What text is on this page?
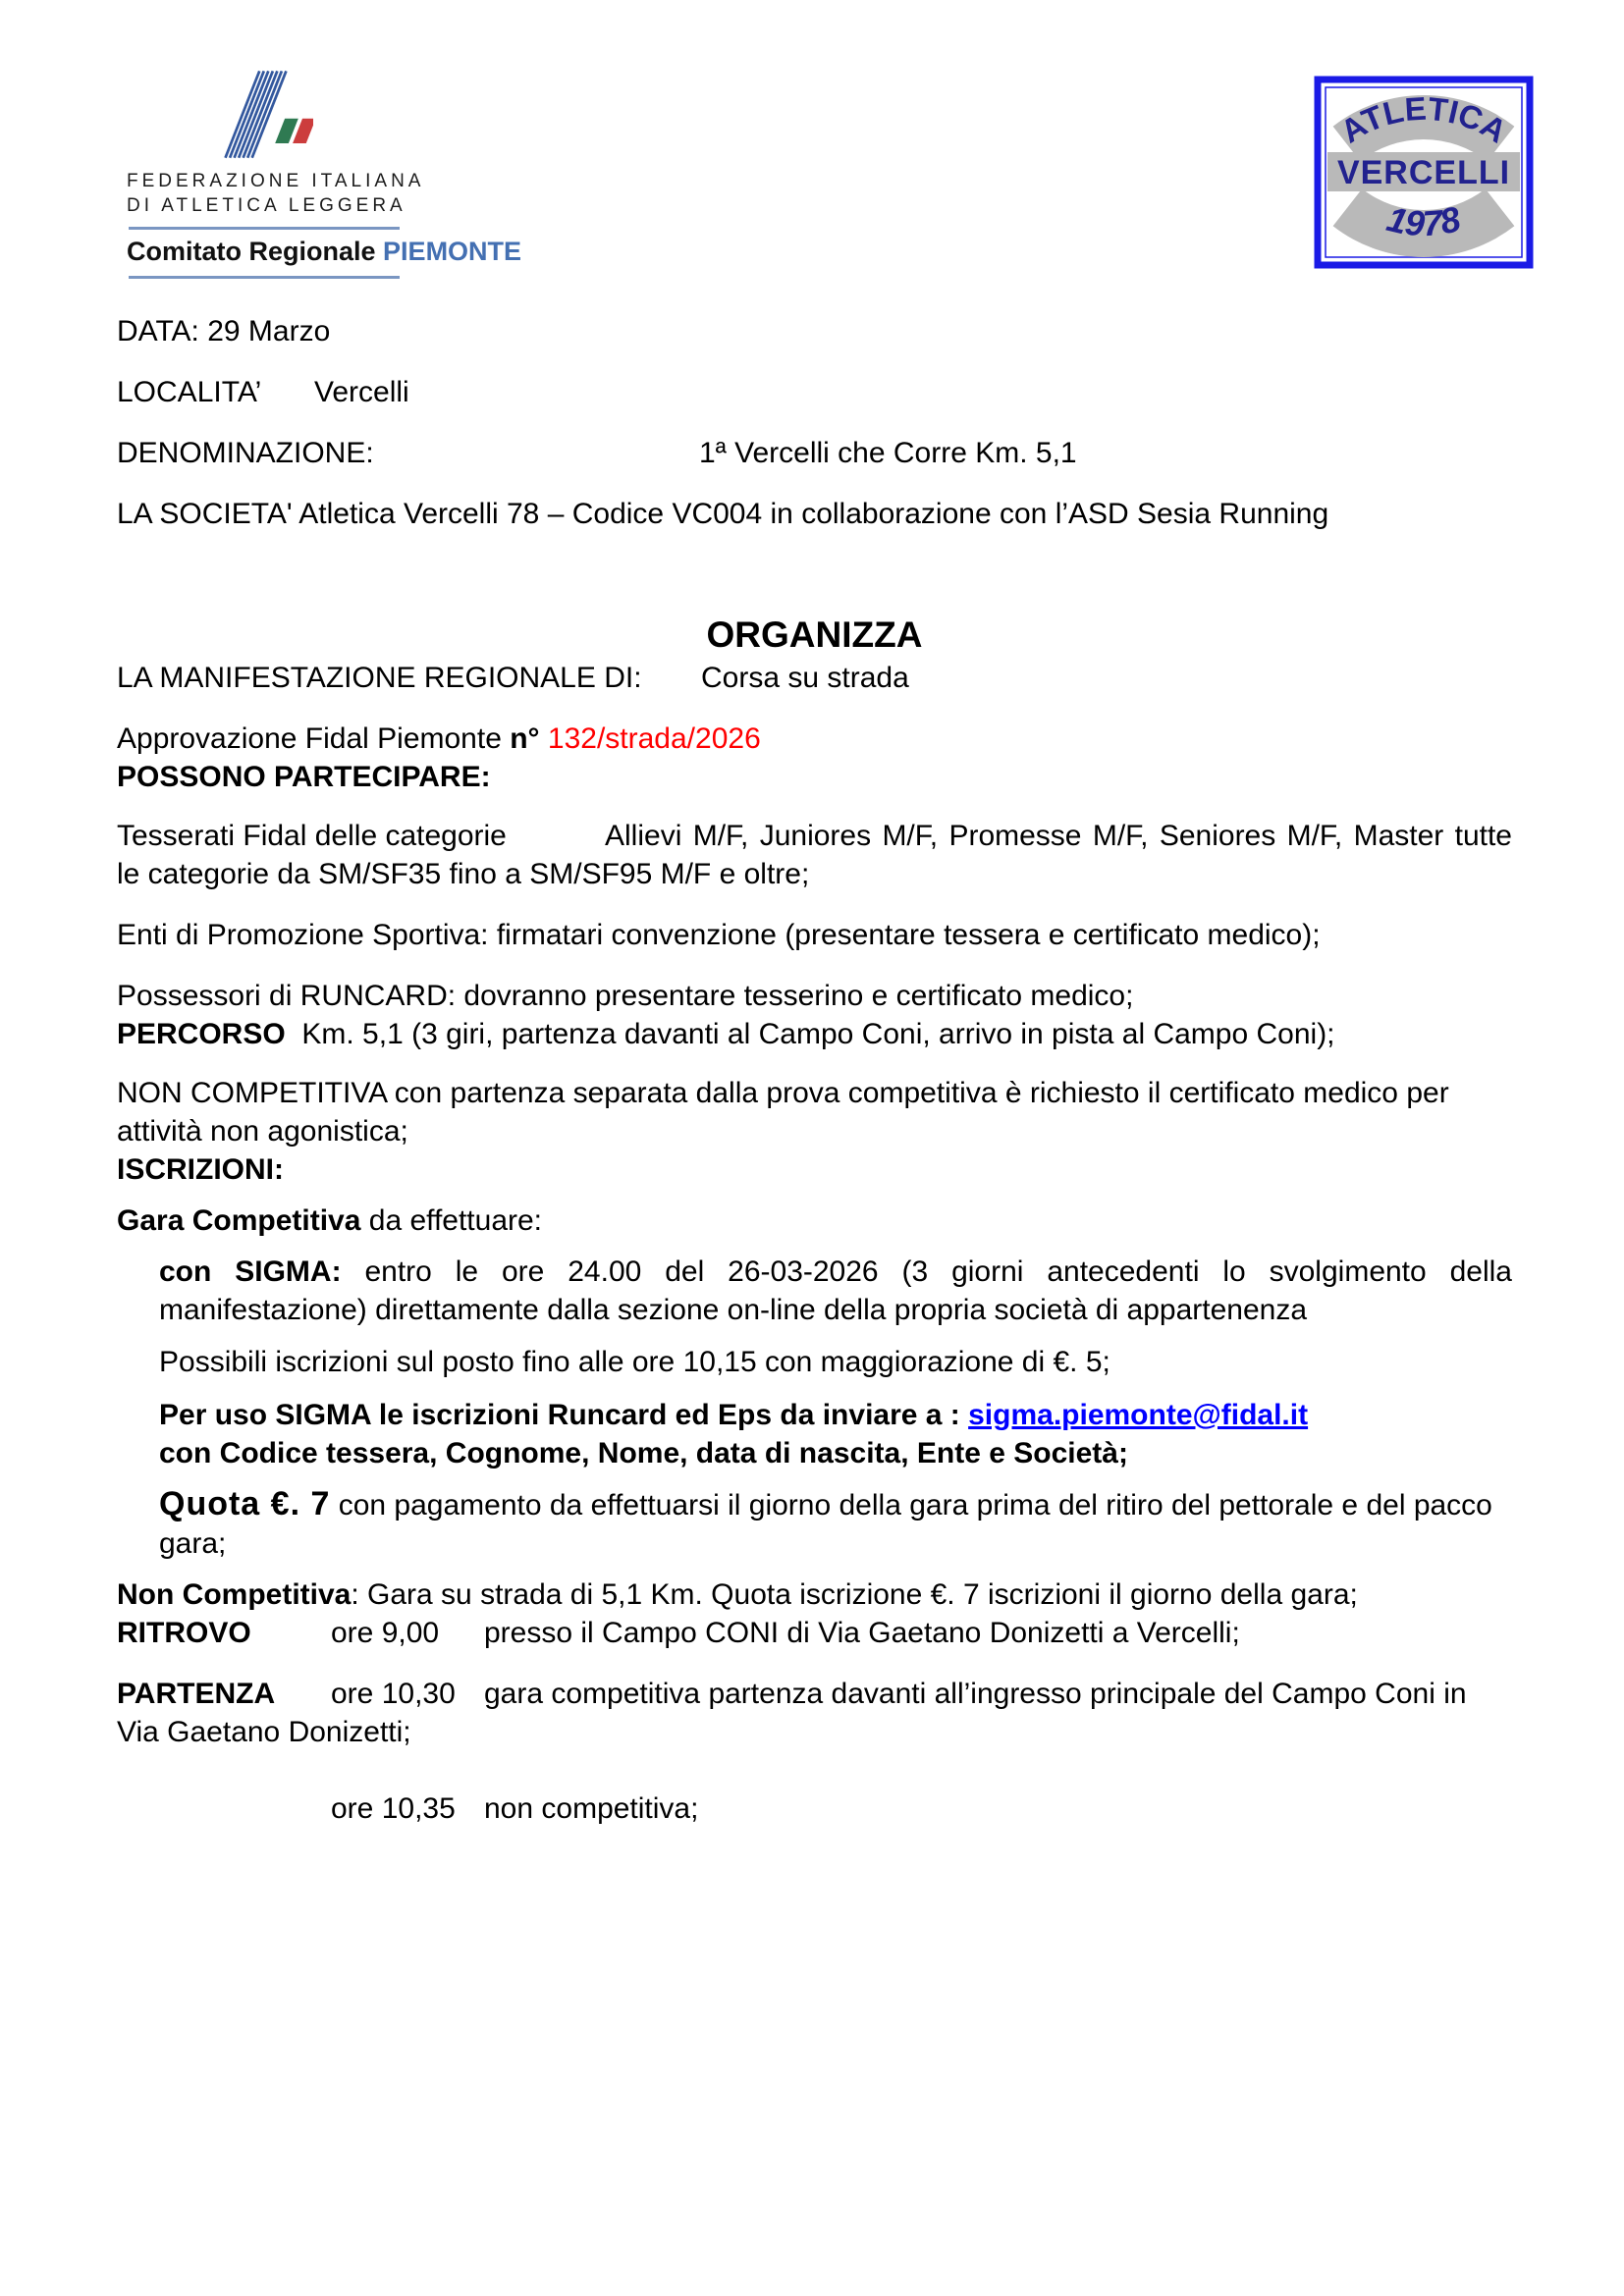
FEDERAZIONE ITALIANA
DI ATLETICA LEGGERA
Comitato Regionale PIEMONTE
ATLETICA
VERCELLI
1978

DATA: 29 Marzo

LOCALITA’ Vercelli

DENOMINAZIONE:	1ª Vercelli che Corre Km. 5,1

LA SOCIETA' Atletica Vercelli 78 – Codice VC004 in collaborazione con l’ASD Sesia Running

ORGANIZZA

LA MANIFESTAZIONE REGIONALE DI: Corsa su strada

Approvazione Fidal Piemonte n° 132/strada/2026

POSSONO PARTECIPARE:

Tesserati Fidal delle categorie	Allievi M/F, Juniores M/F, Promesse M/F, Seniores M/F, Master tutte le categorie da SM/SF35 fino a SM/SF95 M/F e oltre;

Enti di Promozione Sportiva: firmatari convenzione (presentare tessera e certificato medico);

Possessori di RUNCARD: dovranno presentare tesserino e certificato medico;

PERCORSO Km. 5,1 (3 giri, partenza davanti al Campo Coni, arrivo in pista al Campo Coni);

NON COMPETITIVA con partenza separata dalla prova competitiva è richiesto il certificato medico per attività non agonistica;

ISCRIZIONI:

Gara Competitiva da effettuare:

con SIGMA: entro le ore 24.00 del 26-03-2026 (3 giorni antecedenti lo svolgimento della manifestazione) direttamente dalla sezione on-line della propria società di appartenenza

Possibili iscrizioni sul posto fino alle ore 10,15 con maggiorazione di €. 5;

Per uso SIGMA le iscrizioni Runcard ed Eps da inviare a : sigma.piemonte@fidal.it
con Codice tessera, Cognome, Nome, data di nascita, Ente e Società;

Quota €. 7 con pagamento da effettuarsi il giorno della gara prima del ritiro del pettorale e del pacco gara;

Non Competitiva: Gara su strada di 5,1 Km. Quota iscrizione €. 7 iscrizioni il giorno della gara;

RITROVO	ore 9,00 presso il Campo CONI di Via Gaetano Donizetti a Vercelli;

PARTENZA ore 10,30 gara competitiva partenza davanti all’ingresso principale del Campo Coni in Via Gaetano Donizetti;

ore 10,35 non competitiva;
